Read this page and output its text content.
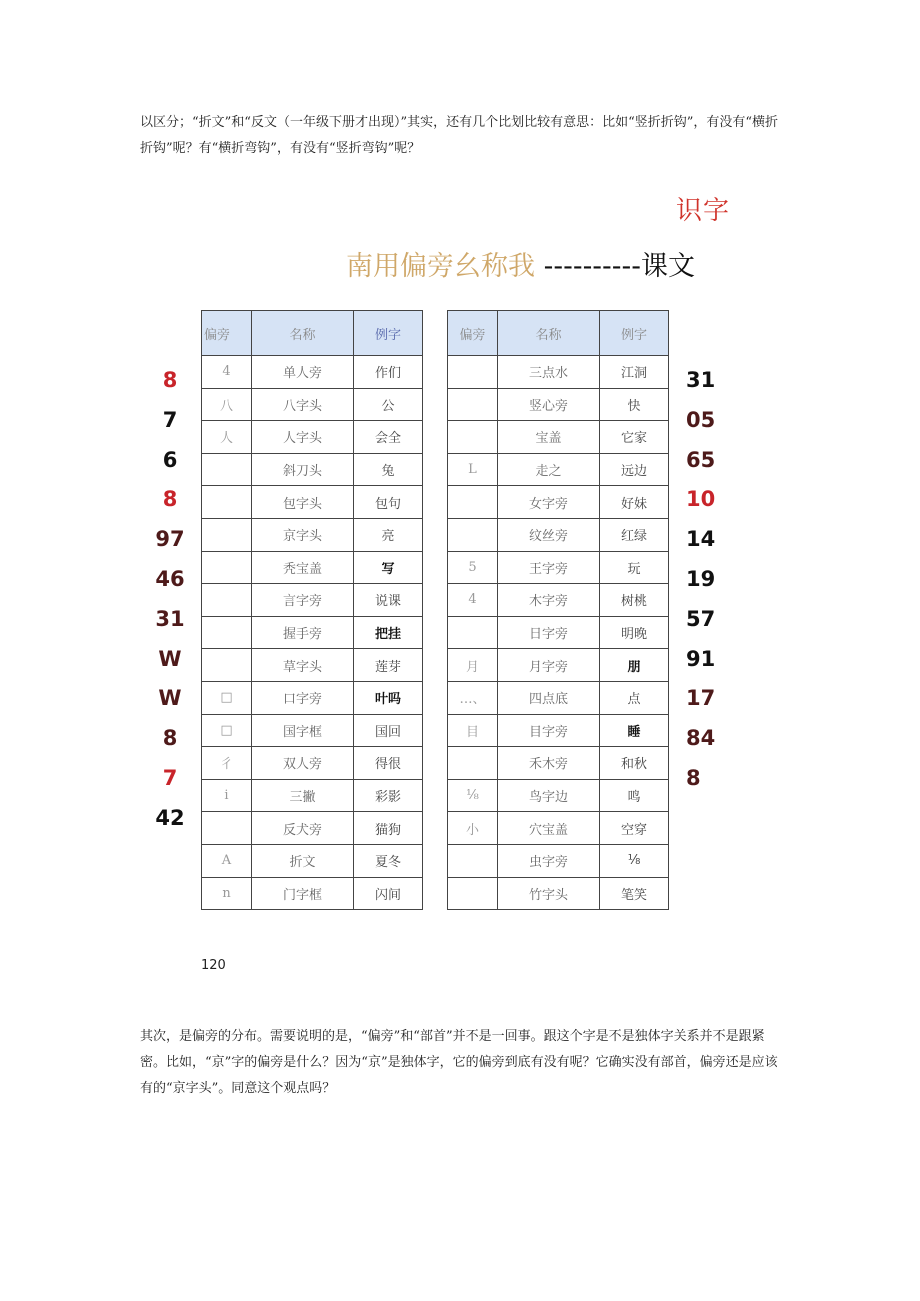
以区分；“折文”和“反文（一年级下册才出现）”其实，还有几个比划比较有意思：比如“竖折折钩”，有没有“横折折钩”呢？有“横折弯钩”，有没有“竖折弯钩”呢？
识字
南用偏旁幺称我 ----------课文
8
7
6
8
97
46
31
W
W
8
7
42
31
05
65
10
14
19
57
91
17
84
8
偏旁	名称	例字
4	单人旁	作们
八	八字头	公
人	人字头	会全
	斜刀头	兔
	包字头	包句
	京字头	亮
	秃宝盖	写
	言字旁	说课
	握手旁	把挂
	草字头	莲芽
□	口字旁	叶吗
□	国字框	国回
彳	双人旁	得很
i	三撇	彩影
	反犬旁	猫狗
A	折文	夏冬
n	门字框	闪间
偏旁	名称	例字
	三点水	江洞
	竖心旁	快
	宝盖	它家
L	走之	远边
	女字旁	好妹
	纹丝旁	红绿
5	王字旁	玩
4	木字旁	树桃
	日字旁	明晚
月	月字旁	朋
…、	四点底	点
目	目字旁	睡
	禾木旁	和秋
⅛	鸟字边	鸣
小	穴宝盖	空穿
	虫字旁	⅛
	竹字头	笔笑
120
其次，是偏旁的分布。需要说明的是，“偏旁”和“部首”并不是一回事。跟这个字是不是独体字关系并不是跟紧密。比如，“京”字的偏旁是什么？因为“京”是独体字，它的偏旁到底有没有呢？它确实没有部首，偏旁还是应该有的“京字头”。同意这个观点吗？
